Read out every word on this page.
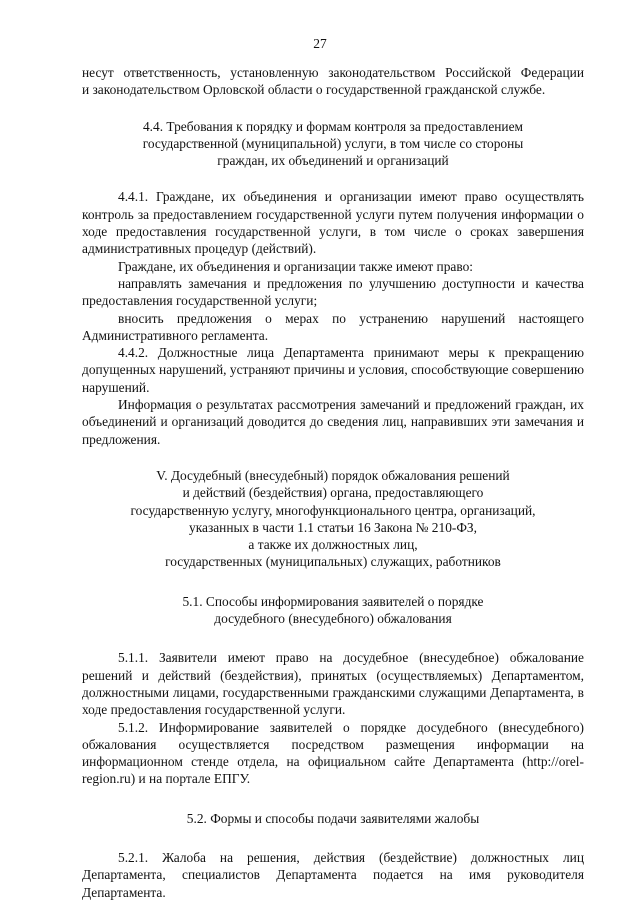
27

несут ответственность, установленную законодательством Российской Федерации

и законодательством Орловской области о государственной гражданской службе.

4.4. Требования к порядку и формам контроля за предоставлением
государственной (муниципальной) услуги, в том числе со стороны
граждан, их объединений и организаций

4.4.1. Граждане, их объединения и организации имеют право осуществлять контроль за предоставлением государственной услуги путем получения информации о ходе предоставления государственной услуги, в том числе о сроках завершения административных процедур (действий).

Граждане, их объединения и организации также имеют право:

направлять замечания и предложения по улучшению доступности и качества предоставления государственной услуги;

вносить предложения о мерах по устранению нарушений настоящего Административного регламента.

4.4.2. Должностные лица Департамента принимают меры к прекращению допущенных нарушений, устраняют причины и условия, способствующие совершению нарушений.

Информация о результатах рассмотрения замечаний и предложений граждан, их объединений и организаций доводится до сведения лиц, направивших эти замечания и предложения.

V. Досудебный (внесудебный) порядок обжалования решений
и действий (бездействия) органа, предоставляющего
государственную услугу, многофункционального центра, организаций,
указанных в части 1.1 статьи 16 Закона № 210-ФЗ,
а также их должностных лиц,
государственных (муниципальных) служащих, работников
5.1. Способы информирования заявителей о порядке
досудебного (внесудебного) обжалования

5.1.1. Заявители имеют право на досудебное (внесудебное) обжалование решений и действий (бездействия), принятых (осуществляемых) Департаментом, должностными лицами, государственными гражданскими служащими Департамента, в ходе предоставления государственной услуги.

5.1.2. Информирование заявителей о порядке досудебного (внесудебного) обжалования осуществляется посредством размещения информации на информационном стенде отдела, на официальном сайте Департамента (http://orel-region.ru) и на портале ЕПГУ.

5.2. Формы и способы подачи заявителями жалобы

5.2.1. Жалоба на решения, действия (бездействие) должностных лиц Департамента, специалистов Департамента подается на имя руководителя Департамента.
